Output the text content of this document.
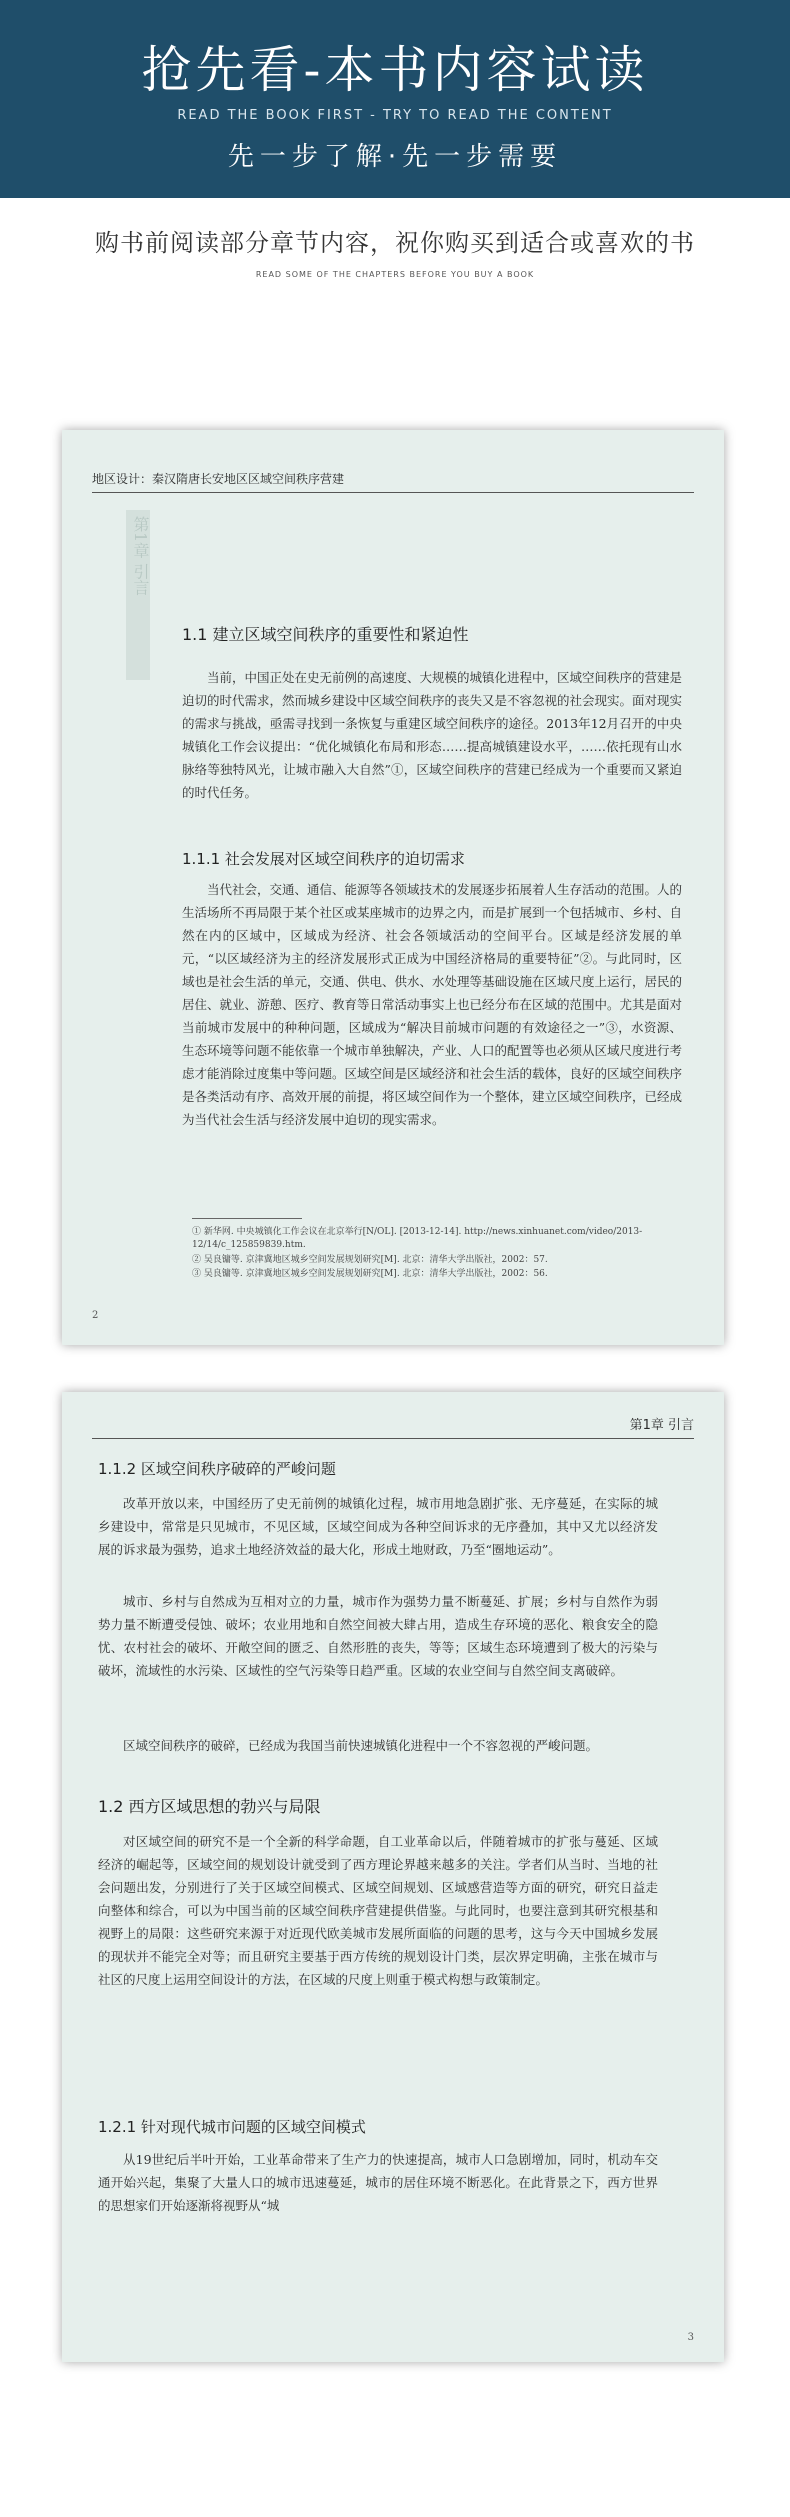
抢先看-本书内容试读
READ THE BOOK FIRST - TRY TO READ THE CONTENT
先一步了解·先一步需要
购书前阅读部分章节内容，祝你购买到适合或喜欢的书
READ SOME OF THE CHAPTERS BEFORE YOU BUY A BOOK
地区设计：秦汉隋唐长安地区区域空间秩序营建
第1章 引言
1.1 建立区域空间秩序的重要性和紧迫性
当前，中国正处在史无前例的高速度、大规模的城镇化进程中，区域空间秩序的营建是迫切的时代需求，然而城乡建设中区域空间秩序的丧失又是不容忽视的社会现实。面对现实的需求与挑战，亟需寻找到一条恢复与重建区域空间秩序的途径。2013年12月召开的中央城镇化工作会议提出：“优化城镇化布局和形态……提高城镇建设水平，……依托现有山水脉络等独特风光，让城市融入大自然”①，区域空间秩序的营建已经成为一个重要而又紧迫的时代任务。
1.1.1 社会发展对区域空间秩序的迫切需求
当代社会，交通、通信、能源等各领域技术的发展逐步拓展着人生存活动的范围。人的生活场所不再局限于某个社区或某座城市的边界之内，而是扩展到一个包括城市、乡村、自然在内的区域中，区域成为经济、社会各领域活动的空间平台。区域是经济发展的单元，“以区域经济为主的经济发展形式正成为中国经济格局的重要特征”②。与此同时，区域也是社会生活的单元，交通、供电、供水、水处理等基础设施在区域尺度上运行，居民的居住、就业、游憩、医疗、教育等日常活动事实上也已经分布在区域的范围中。尤其是面对当前城市发展中的种种问题，区域成为“解决目前城市问题的有效途径之一”③，水资源、生态环境等问题不能依靠一个城市单独解决，产业、人口的配置等也必须从区域尺度进行考虑才能消除过度集中等问题。区域空间是区域经济和社会生活的载体，良好的区域空间秩序是各类活动有序、高效开展的前提，将区域空间作为一个整体，建立区域空间秩序，已经成为当代社会生活与经济发展中迫切的现实需求。
① 新华网. 中央城镇化工作会议在北京举行[N/OL]. [2013-12-14]. http://news.xinhuanet.com/video/2013-12/14/c_125859839.htm.
② 吴良镛等. 京津冀地区城乡空间发展规划研究[M]. 北京：清华大学出版社，2002：57.
③ 吴良镛等. 京津冀地区城乡空间发展规划研究[M]. 北京：清华大学出版社，2002：56.
2
第1章 引言
1.1.2 区域空间秩序破碎的严峻问题
改革开放以来，中国经历了史无前例的城镇化过程，城市用地急剧扩张、无序蔓延，在实际的城乡建设中，常常是只见城市，不见区域，区域空间成为各种空间诉求的无序叠加，其中又尤以经济发展的诉求最为强势，追求土地经济效益的最大化，形成土地财政，乃至“圈地运动”。
城市、乡村与自然成为互相对立的力量，城市作为强势力量不断蔓延、扩展；乡村与自然作为弱势力量不断遭受侵蚀、破坏；农业用地和自然空间被大肆占用，造成生存环境的恶化、粮食安全的隐忧、农村社会的破坏、开敞空间的匮乏、自然形胜的丧失，等等；区域生态环境遭到了极大的污染与破坏，流域性的水污染、区域性的空气污染等日趋严重。区域的农业空间与自然空间支离破碎。
区域空间秩序的破碎，已经成为我国当前快速城镇化进程中一个不容忽视的严峻问题。
1.2 西方区域思想的勃兴与局限
对区域空间的研究不是一个全新的科学命题，自工业革命以后，伴随着城市的扩张与蔓延、区域经济的崛起等，区域空间的规划设计就受到了西方理论界越来越多的关注。学者们从当时、当地的社会问题出发，分别进行了关于区域空间模式、区域空间规划、区域感营造等方面的研究，研究日益走向整体和综合，可以为中国当前的区域空间秩序营建提供借鉴。与此同时，也要注意到其研究根基和视野上的局限：这些研究来源于对近现代欧美城市发展所面临的问题的思考，这与今天中国城乡发展的现状并不能完全对等；而且研究主要基于西方传统的规划设计门类，层次界定明确，主张在城市与社区的尺度上运用空间设计的方法，在区域的尺度上则重于模式构想与政策制定。
1.2.1 针对现代城市问题的区域空间模式
从19世纪后半叶开始，工业革命带来了生产力的快速提高，城市人口急剧增加，同时，机动车交通开始兴起，集聚了大量人口的城市迅速蔓延，城市的居住环境不断恶化。在此背景之下，西方世界的思想家们开始逐渐将视野从“城
3
